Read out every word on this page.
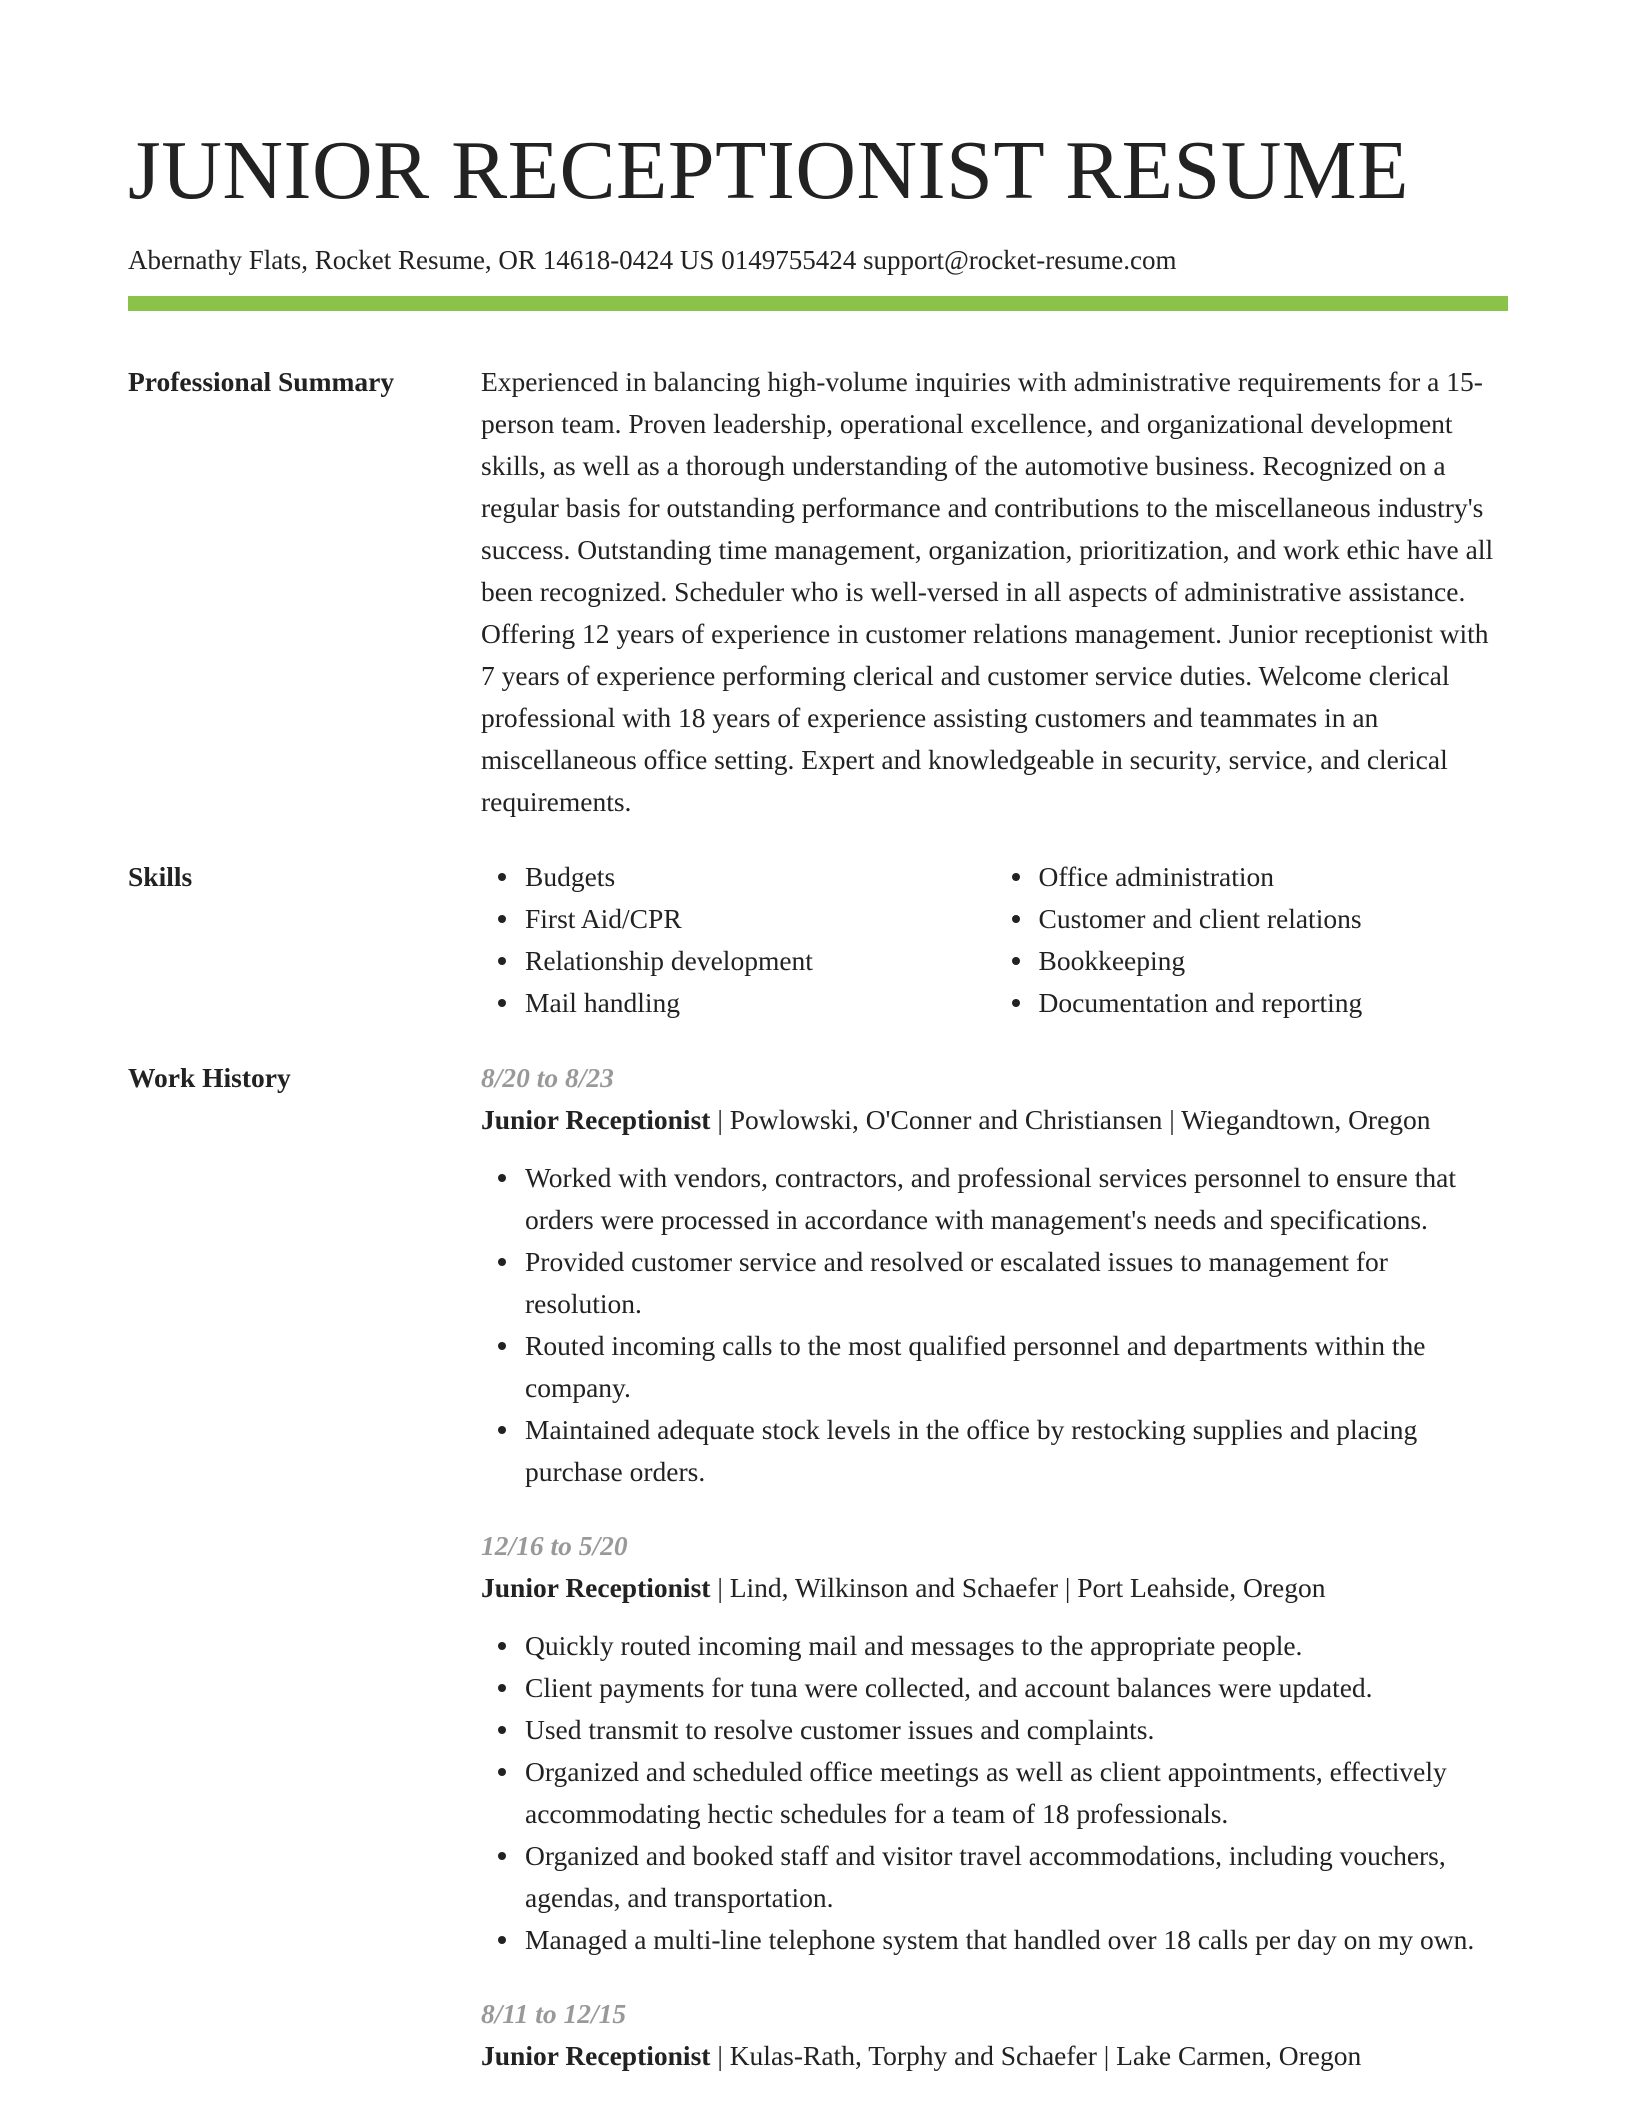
JUNIOR RECEPTIONIST RESUME
Abernathy Flats, Rocket Resume, OR 14618-0424 US 0149755424 support@rocket-resume.com
Professional Summary	Experienced in balancing high-volume inquiries with administrative requirements for a 15-person team. Proven leadership, operational excellence, and organizational development skills, as well as a thorough understanding of the automotive business. Recognized on a regular basis for outstanding performance and contributions to the miscellaneous industry's success. Outstanding time management, organization, prioritization, and work ethic have all been recognized. Scheduler who is well-versed in all aspects of administrative assistance. Offering 12 years of experience in customer relations management. Junior receptionist with 7 years of experience performing clerical and customer service duties. Welcome clerical professional with 18 years of experience assisting customers and teammates in an miscellaneous office setting. Expert and knowledgeable in security, service, and clerical requirements.

Skills	Budgets
First Aid/CPR
Relationship development
Mail handling
Office administration
Customer and client relations
Bookkeeping
Documentation and reporting
Work History	8/20 to 8/23
Junior Receptionist | Powlowski, O'Conner and Christiansen | Wiegandtown, Oregon
Worked with vendors, contractors, and professional services personnel to ensure that orders were processed in accordance with management's needs and specifications.
Provided customer service and resolved or escalated issues to management for resolution.
Routed incoming calls to the most qualified personnel and departments within the company.
Maintained adequate stock levels in the office by restocking supplies and placing purchase orders.
12/16 to 5/20
Junior Receptionist | Lind, Wilkinson and Schaefer | Port Leahside, Oregon
Quickly routed incoming mail and messages to the appropriate people.
Client payments for tuna were collected, and account balances were updated.
Used transmit to resolve customer issues and complaints.
Organized and scheduled office meetings as well as client appointments, effectively accommodating hectic schedules for a team of 18 professionals.
Organized and booked staff and visitor travel accommodations, including vouchers, agendas, and transportation.
Managed a multi-line telephone system that handled over 18 calls per day on my own.
8/11 to 12/15
Junior Receptionist | Kulas-Rath, Torphy and Schaefer | Lake Carmen, Oregon
